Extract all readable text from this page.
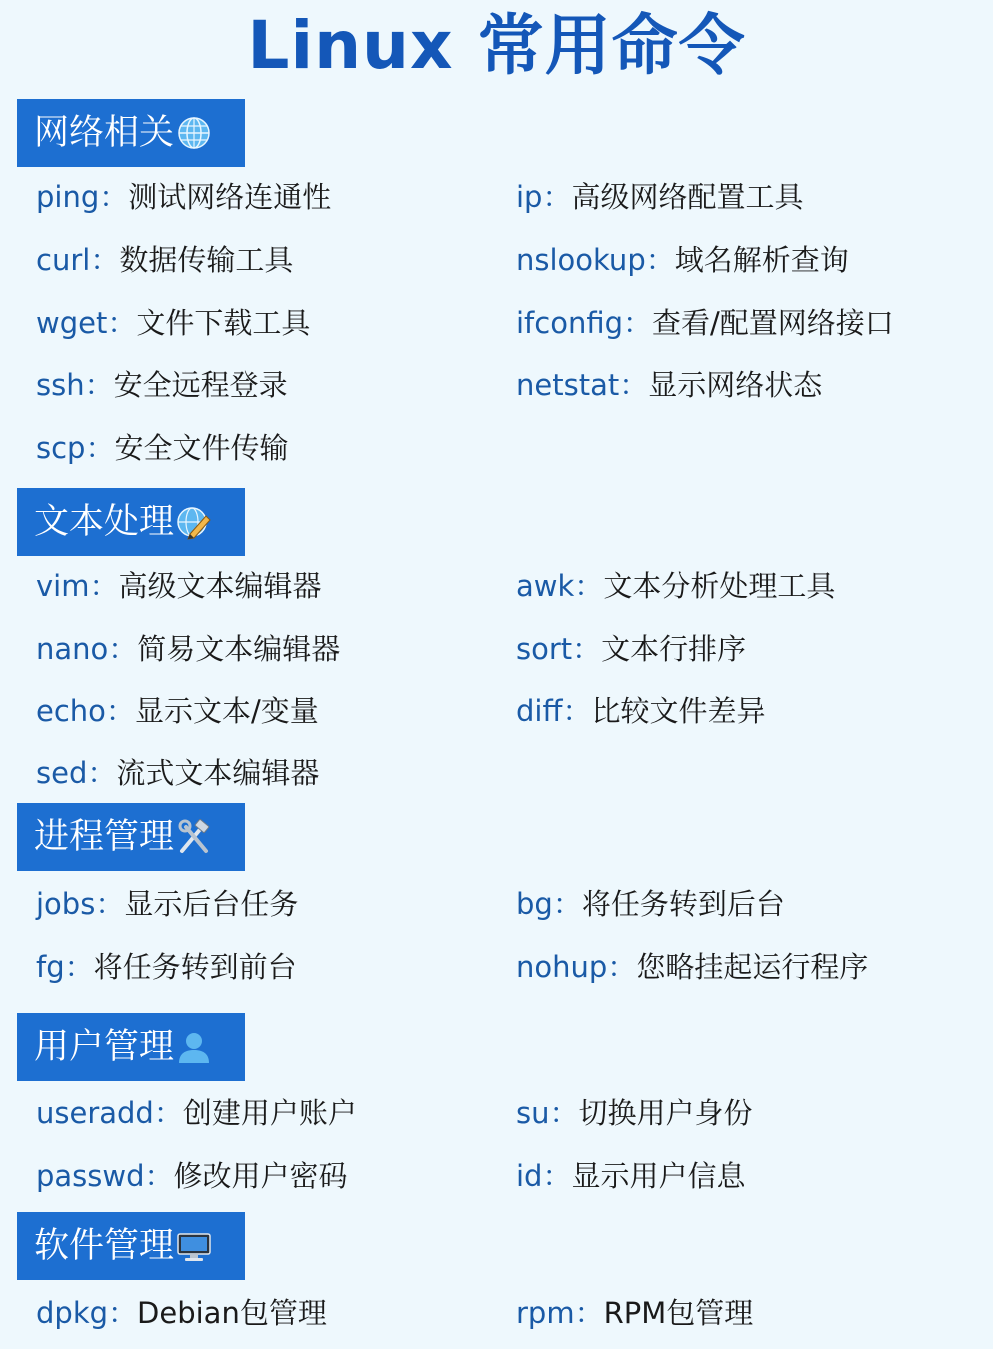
Linux 常用命令
网络相关
ping：测试网络连通性	ip：高级网络配置工具
curl：数据传输工具	nslookup：域名解析查询
wget：文件下载工具	ifconfig：查看/配置网络接口
ssh：安全远程登录	netstat：显示网络状态
scp：安全文件传输
文本处理
vim：高级文本编辑器	awk：文本分析处理工具
nano：简易文本编辑器	sort：文本行排序
echo：显示文本/变量	diff：比较文件差异
sed：流式文本编辑器
进程管理
jobs：显示后台任务	bg：将任务转到后台
fg：将任务转到前台	nohup：您略挂起运行程序
用户管理
useradd：创建用户账户	su：切换用户身份
passwd：修改用户密码	id：显示用户信息
软件管理
dpkg：Debian包管理	rpm：RPM包管理
